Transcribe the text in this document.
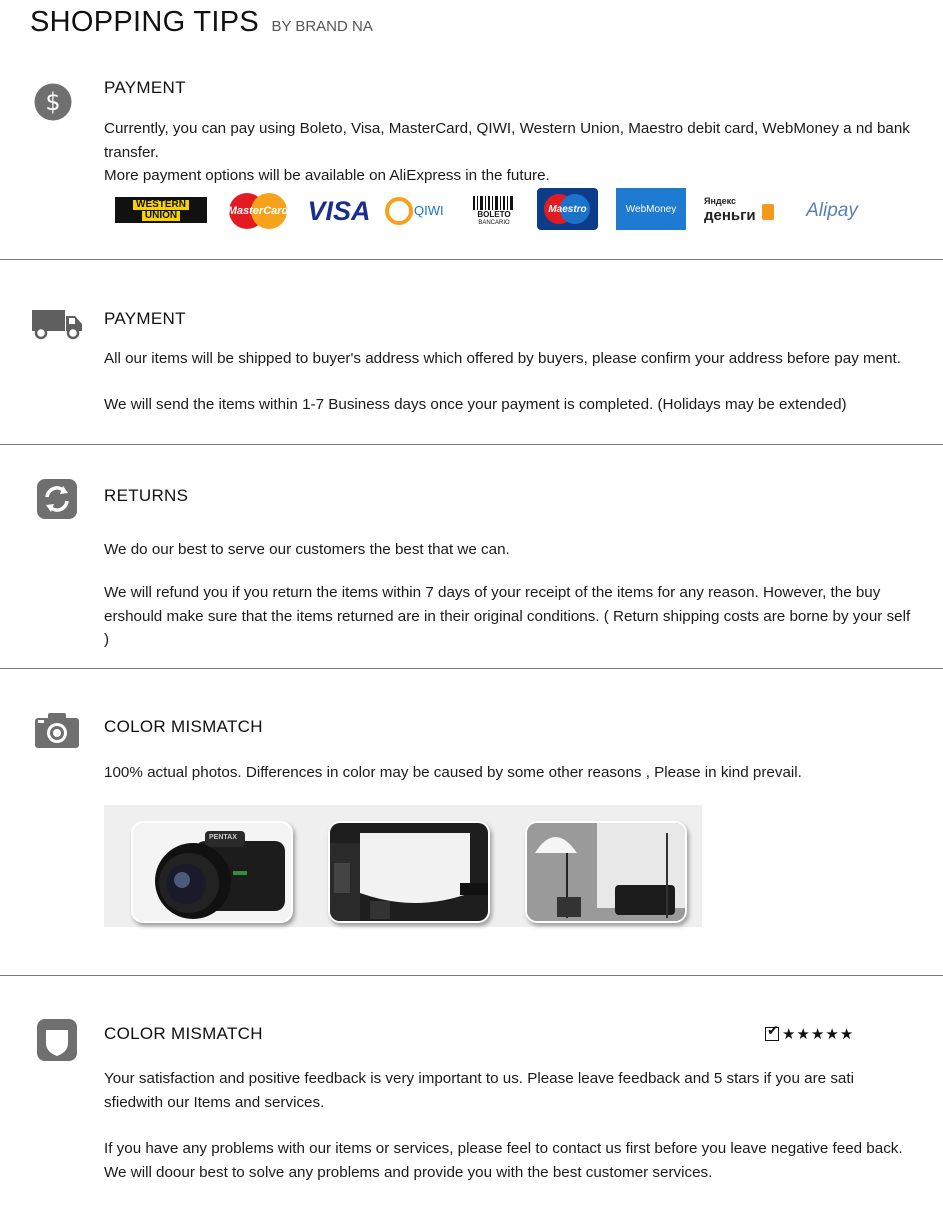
SHOPPING TIPS BY BRAND NA
$
PAYMENT
Currently, you can pay using Boleto, Visa, MasterCard, QIWI, Western Union, Maestro debit card, WebMoney a nd bank transfer.
More payment options will be available on AliExpress in the future.
WESTERN
UNION	MasterCard VISA	QIWI	BOLETO
BANCARIO
Maestro	WebMoney
Яндекс
деньги	Alipay
PAYMENT
All our items will be shipped to buyer's address which offered by buyers, please confirm your address before pay ment.
We will send the items within 1-7 Business days once your payment is completed. (Holidays may be extended)
RETURNS
We do our best to serve our customers the best that we can.
We will refund you if you return the items within 7 days of your receipt of the items for any reason. However, the buy ershould make sure that the items returned are in their original conditions. ( Return shipping costs are borne by your self )
COLOR MISMATCH
100% actual photos. Differences in color may be caused by some other reasons , Please in kind prevail.
PENTAX
COLOR MISMATCH	✔ ★ ★ ★ ★ ★
Your satisfaction and positive feedback is very important to us. Please leave feedback and 5 stars if you are sati sfiedwith our Items and services.
If you have any problems with our items or services, please feel to contact us first before you leave negative feed back. We will doour best to solve any problems and provide you with the best customer services.
